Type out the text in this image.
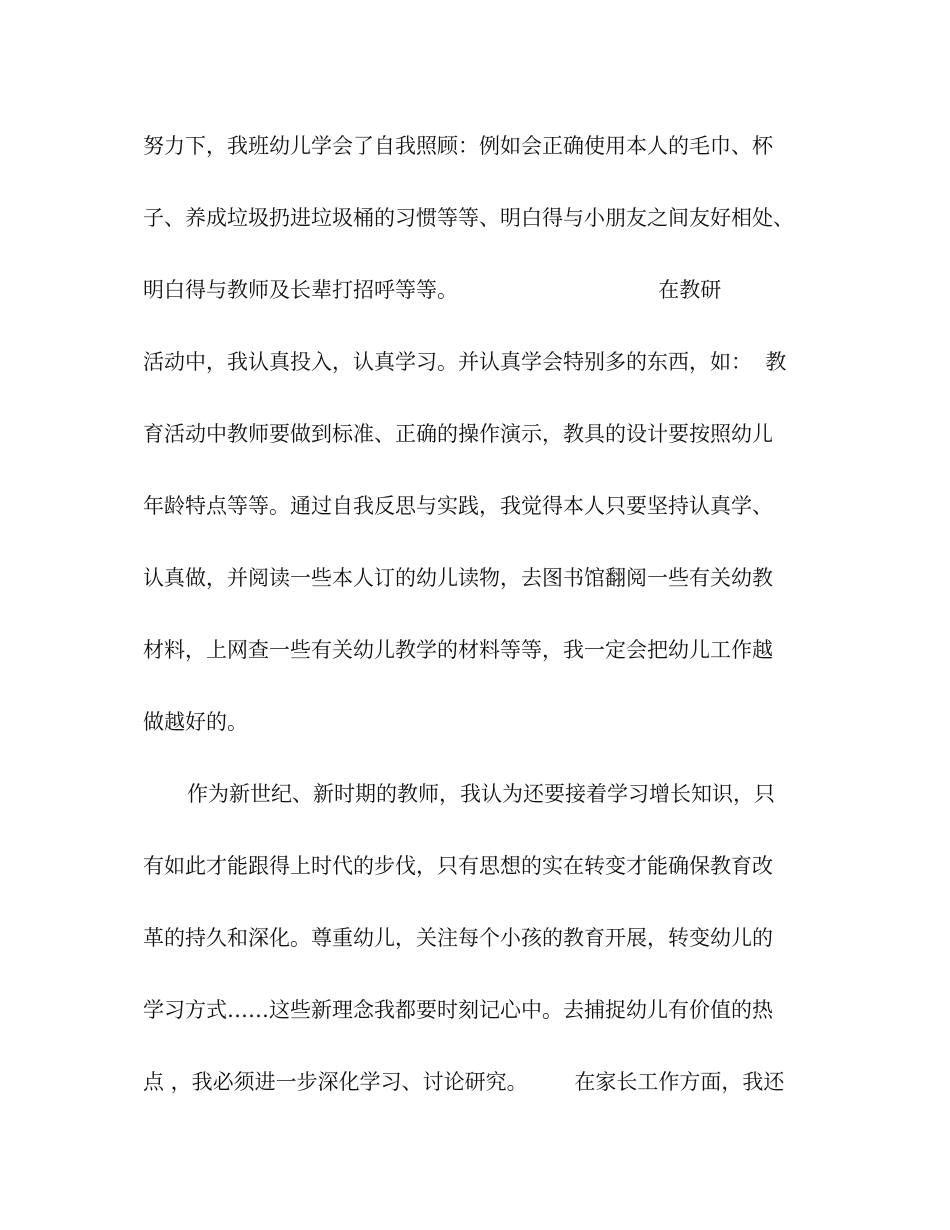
努力下，我班幼儿学会了自我照顾：例如会正确使用本人的毛巾、杯
子、养成垃圾扔进垃圾桶的习惯等等、明白得与小朋友之间友好相处、
明白得与教师及长辈打招呼等等。                              在教研
活动中，我认真投入，认真学习。并认真学会特别多的东西，如：  教
育活动中教师要做到标准、正确的操作演示，教具的设计要按照幼儿
年龄特点等等。通过自我反思与实践，我觉得本人只要坚持认真学、
认真做，并阅读一些本人订的幼儿读物，去图书馆翻阅一些有关幼教
材料，上网查一些有关幼儿教学的材料等等，我一定会把幼儿工作越
做越好的。
作为新世纪、新时期的教师，我认为还要接着学习增长知识，只
有如此才能跟得上时代的步伐，只有思想的实在转变才能确保教育改
革的持久和深化。尊重幼儿，关注每个小孩的教育开展，转变幼儿的
学习方式……这些新理念我都要时刻记心中。去捕捉幼儿有价值的热
点 ，我必须进一步深化学习、讨论研究。       在家长工作方面，我还
